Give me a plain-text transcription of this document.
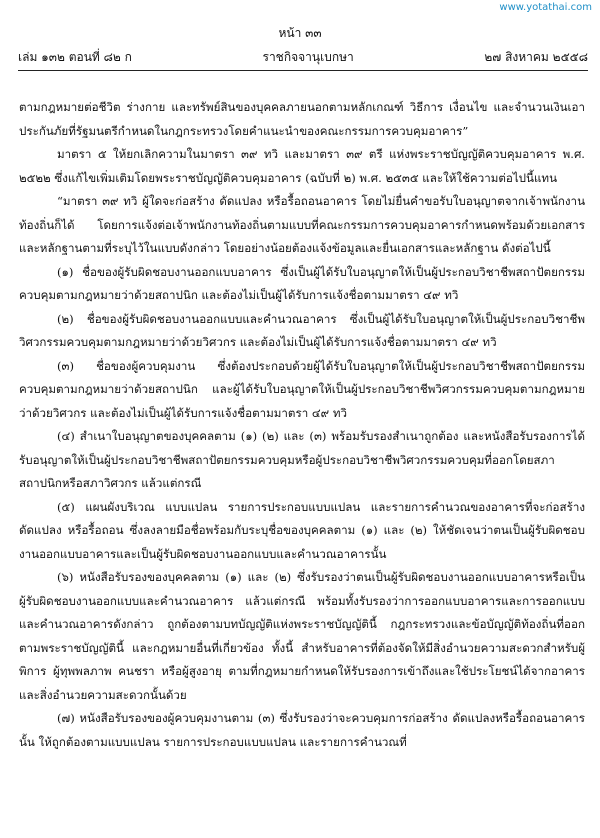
www.yotathai.com
หน้า ๓๓
เล่ม ๑๓๒ ตอนที่ ๘๒ ก	ราชกิจจานุเบกษา	๒๗ สิงหาคม ๒๕๕๘

ตามกฎหมายต่อชีวิต ร่างกาย และทรัพย์สินของบุคคลภายนอกตามหลักเกณฑ์ วิธีการ เงื่อนไข และจำนวนเงินเอาประกันภัยที่รัฐมนตรีกำหนดในกฎกระทรวงโดยคำแนะนำของคณะกรรมการควบคุมอาคาร”

มาตรา ๕ ให้ยกเลิกความในมาตรา ๓๙ ทวิ และมาตรา ๓๙ ตรี แห่งพระราชบัญญัติควบคุมอาคาร พ.ศ. ๒๕๒๒ ซึ่งแก้ไขเพิ่มเติมโดยพระราชบัญญัติควบคุมอาคาร (ฉบับที่ ๒) พ.ศ. ๒๕๓๕ และให้ใช้ความต่อไปนี้แทน

“มาตรา ๓๙ ทวิ ผู้ใดจะก่อสร้าง ดัดแปลง หรือรื้อถอนอาคาร โดยไม่ยื่นคำขอรับใบอนุญาตจากเจ้าพนักงานท้องถิ่นก็ได้ โดยการแจ้งต่อเจ้าพนักงานท้องถิ่นตามแบบที่คณะกรรมการควบคุมอาคารกำหนดพร้อมด้วยเอกสารและหลักฐานตามที่ระบุไว้ในแบบดังกล่าว โดยอย่างน้อยต้องแจ้งข้อมูลและยื่นเอกสารและหลักฐาน ดังต่อไปนี้

(๑) ชื่อของผู้รับผิดชอบงานออกแบบอาคาร ซึ่งเป็นผู้ได้รับใบอนุญาตให้เป็นผู้ประกอบวิชาชีพสถาปัตยกรรมควบคุมตามกฎหมายว่าด้วยสถาปนิก และต้องไม่เป็นผู้ได้รับการแจ้งชื่อตามมาตรา ๔๙ ทวิ

(๒) ชื่อของผู้รับผิดชอบงานออกแบบและคำนวณอาคาร ซึ่งเป็นผู้ได้รับใบอนุญาตให้เป็นผู้ประกอบวิชาชีพวิศวกรรมควบคุมตามกฎหมายว่าด้วยวิศวกร และต้องไม่เป็นผู้ได้รับการแจ้งชื่อตามมาตรา ๔๙ ทวิ

(๓) ชื่อของผู้ควบคุมงาน ซึ่งต้องประกอบด้วยผู้ได้รับใบอนุญาตให้เป็นผู้ประกอบวิชาชีพสถาปัตยกรรมควบคุมตามกฎหมายว่าด้วยสถาปนิก และผู้ได้รับใบอนุญาตให้เป็นผู้ประกอบวิชาชีพวิศวกรรมควบคุมตามกฎหมายว่าด้วยวิศวกร และต้องไม่เป็นผู้ได้รับการแจ้งชื่อตามมาตรา ๔๙ ทวิ

(๔) สำเนาใบอนุญาตของบุคคลตาม (๑) (๒) และ (๓) พร้อมรับรองสำเนาถูกต้อง และหนังสือรับรองการได้รับอนุญาตให้เป็นผู้ประกอบวิชาชีพสถาปัตยกรรมควบคุมหรือผู้ประกอบวิชาชีพวิศวกรรมควบคุมที่ออกโดยสภาสถาปนิกหรือสภาวิศวกร แล้วแต่กรณี

(๕) แผนผังบริเวณ แบบแปลน รายการประกอบแบบแปลน และรายการคำนวณของอาคารที่จะก่อสร้าง ดัดแปลง หรือรื้อถอน ซึ่งลงลายมือชื่อพร้อมกับระบุชื่อของบุคคลตาม (๑) และ (๒) ให้ชัดเจนว่าตนเป็นผู้รับผิดชอบงานออกแบบอาคารและเป็นผู้รับผิดชอบงานออกแบบและคำนวณอาคารนั้น

(๖) หนังสือรับรองของบุคคลตาม (๑) และ (๒) ซึ่งรับรองว่าตนเป็นผู้รับผิดชอบงานออกแบบอาคารหรือเป็นผู้รับผิดชอบงานออกแบบและคำนวณอาคาร แล้วแต่กรณี พร้อมทั้งรับรองว่าการออกแบบอาคารและการออกแบบและคำนวณอาคารดังกล่าว ถูกต้องตามบทบัญญัติแห่งพระราชบัญญัตินี้ กฎกระทรวงและข้อบัญญัติท้องถิ่นที่ออกตามพระราชบัญญัตินี้ และกฎหมายอื่นที่เกี่ยวข้อง ทั้งนี้ สำหรับอาคารที่ต้องจัดให้มีสิ่งอำนวยความสะดวกสำหรับผู้พิการ ผู้ทุพพลภาพ คนชรา หรือผู้สูงอายุ ตามที่กฎหมายกำหนดให้รับรองการเข้าถึงและใช้ประโยชน์ได้จากอาคารและสิ่งอำนวยความสะดวกนั้นด้วย

(๗) หนังสือรับรองของผู้ควบคุมงานตาม (๓) ซึ่งรับรองว่าจะควบคุมการก่อสร้าง ดัดแปลงหรือรื้อถอนอาคารนั้น ให้ถูกต้องตามแบบแปลน รายการประกอบแบบแปลน และรายการคำนวณที่
